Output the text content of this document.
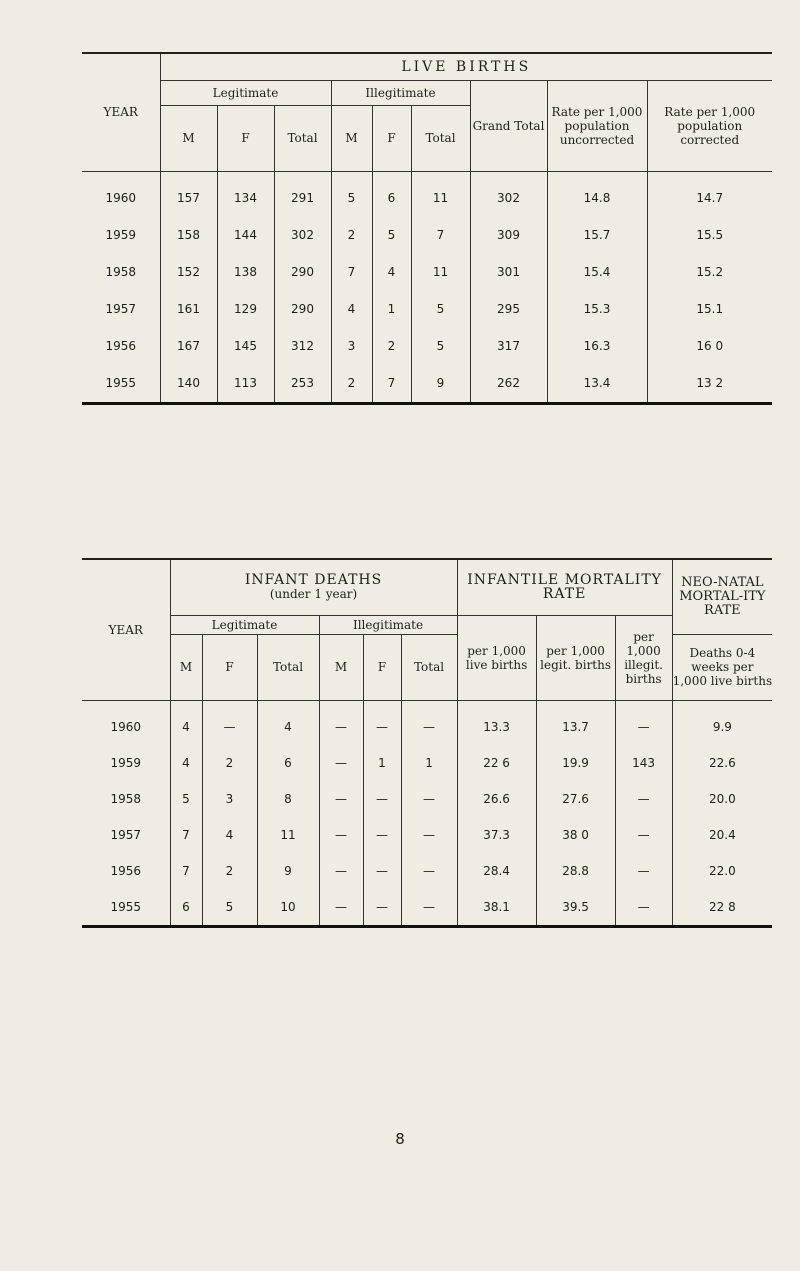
YEAR	LIVE BIRTHS								
	Legitimate			Illegitimate			Grand Total	Rate per 1,000 population uncorrected	Rate per 1,000 population corrected
	M	F	Total	M	F	Total			
1960	157	134	291	5	6	11	302	14.8	14.7
1959	158	144	302	2	5	7	309	15.7	15.5
1958	152	138	290	7	4	11	301	15.4	15.2
1957	161	129	290	4	1	5	295	15.3	15.1
1956	167	145	312	3	2	5	317	16.3	16 0
1955	140	113	253	2	7	9	262	13.4	13 2
YEAR	INFANT DEATHS
(under 1 year)						INFANTILE MORTALITY RATE			NEO-NATAL MORTAL-ITY RATE
	Legitimate			Illegitimate			per 1,000 live births	per 1,000 legit. births	per 1,000 illegit. births	
	M	F	Total	M	F	Total				Deaths 0-4 weeks per 1,000 live births
1960	4	—	4	—	—	—	13.3	13.7	—	9.9
1959	4	2	6	—	1	1	22 6	19.9	143	22.6
1958	5	3	8	—	—	—	26.6	27.6	—	20.0
1957	7	4	11	—	—	—	37.3	38 0	—	20.4
1956	7	2	9	—	—	—	28.4	28.8	—	22.0
1955	6	5	10	—	—	—	38.1	39.5	—	22 8
8
